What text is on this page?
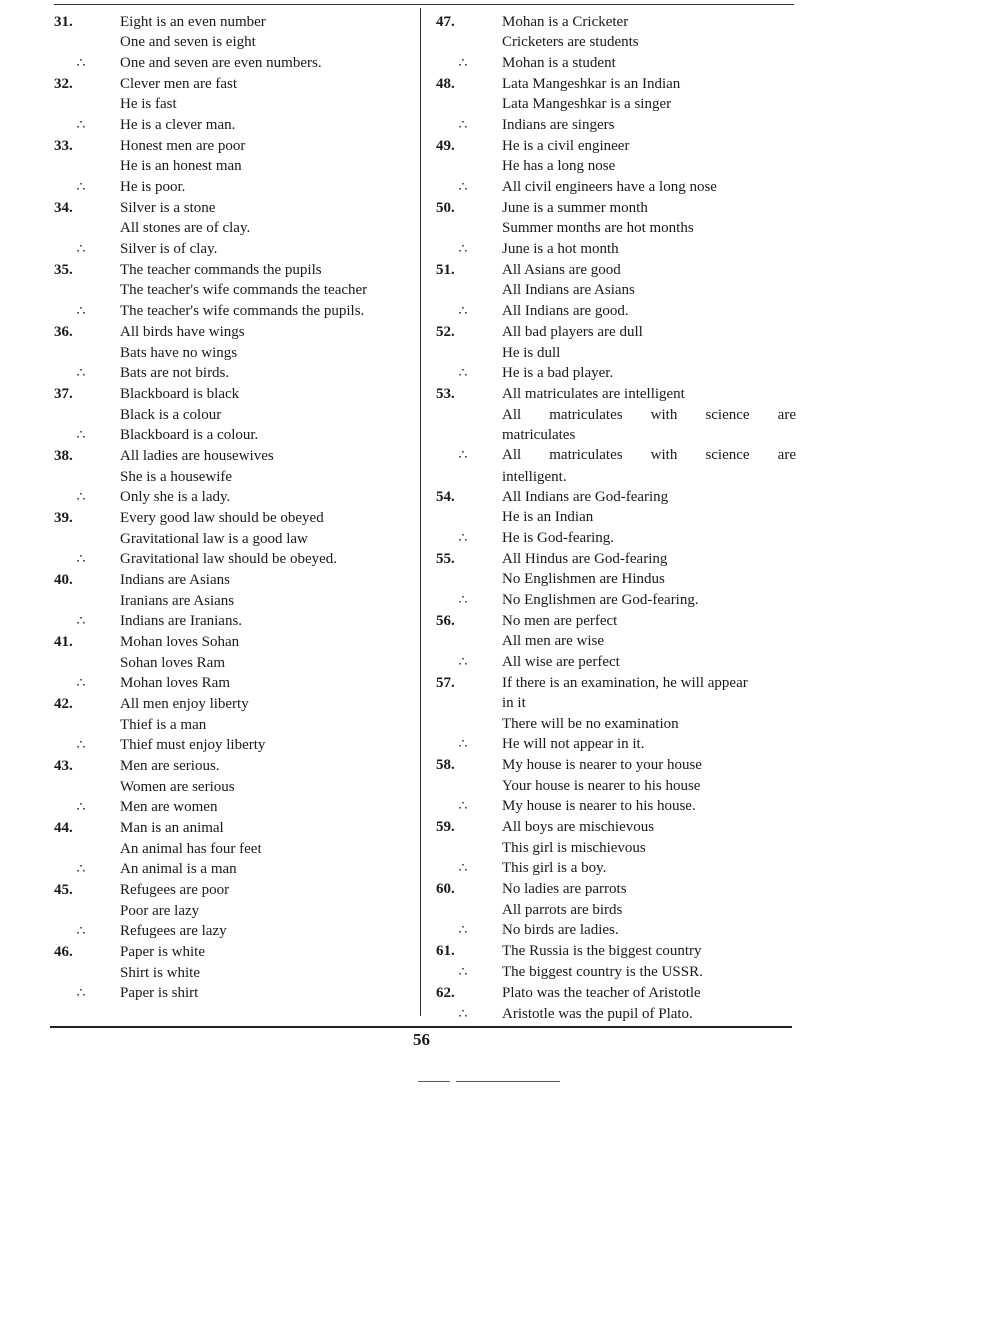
31.	Eight is an even number
One and seven is eight
∴	One and seven are even numbers.
32.	Clever men are fast
He is fast
∴	He is a clever man.
33.	Honest men are poor
He is an honest man
∴	He is poor.
34.	Silver is a stone
All stones are of clay.
∴	Silver is of clay.
35.	The teacher commands the pupils
The teacher's wife commands the teacher
∴	The teacher's wife commands the pupils.
36.	All birds have wings
Bats have no wings
∴	Bats are not birds.
37.	Blackboard is black
Black is a colour
∴	Blackboard is a colour.
38.	All ladies are housewives
She is a housewife
∴	Only she is a lady.
39.	Every good law should be obeyed
Gravitational law is a good law
∴	Gravitational law should be obeyed.
40.	Indians are Asians
Iranians are Asians
∴	Indians are Iranians.
41.	Mohan loves Sohan
Sohan loves Ram
∴	Mohan loves Ram
42.	All men enjoy liberty
Thief is a man
∴	Thief must enjoy liberty
43.	Men are serious.
Women are serious
∴	Men are women
44.	Man is an animal
An animal has four feet
∴	An animal is a man
45.	Refugees are poor
Poor are lazy
∴	Refugees are lazy
46.	Paper is white
Shirt is white
∴	Paper is shirt
47.	Mohan is a Cricketer
Cricketers are students
∴	Mohan is a student
48.	Lata Mangeshkar is an Indian
Lata Mangeshkar is a singer
∴	Indians are singers
49.	He is a civil engineer
He has a long nose
∴	All civil engineers have a long nose
50.	June is a summer month
Summer months are hot months
∴	June is a hot month
51.	All Asians are good
All Indians are Asians
∴	All Indians are good.
52.	All bad players are dull
He is dull
∴	He is a bad player.
53.	All matriculates are intelligent
All matriculates with science are
matriculates
∴	All matriculates with science are
intelligent.
54.	All Indians are God-fearing
He is an Indian
∴	He is God-fearing.
55.	All Hindus are God-fearing
No Englishmen are Hindus
∴	No Englishmen are God-fearing.
56.	No men are perfect
All men are wise
∴	All wise are perfect
57.	If there is an examination, he will appear
in it
There will be no examination
∴	He will not appear in it.
58.	My house is nearer to your house
Your house is nearer to his house
∴	My house is nearer to his house.
59.	All boys are mischievous
This girl is mischievous
∴	This girl is a boy.
60.	No ladies are parrots
All parrots are birds
∴	No birds are ladies.
61.	The Russia is the biggest country
∴	The biggest country is the USSR.
62.	Plato was the teacher of Aristotle
∴	Aristotle was the pupil of Plato.
56
